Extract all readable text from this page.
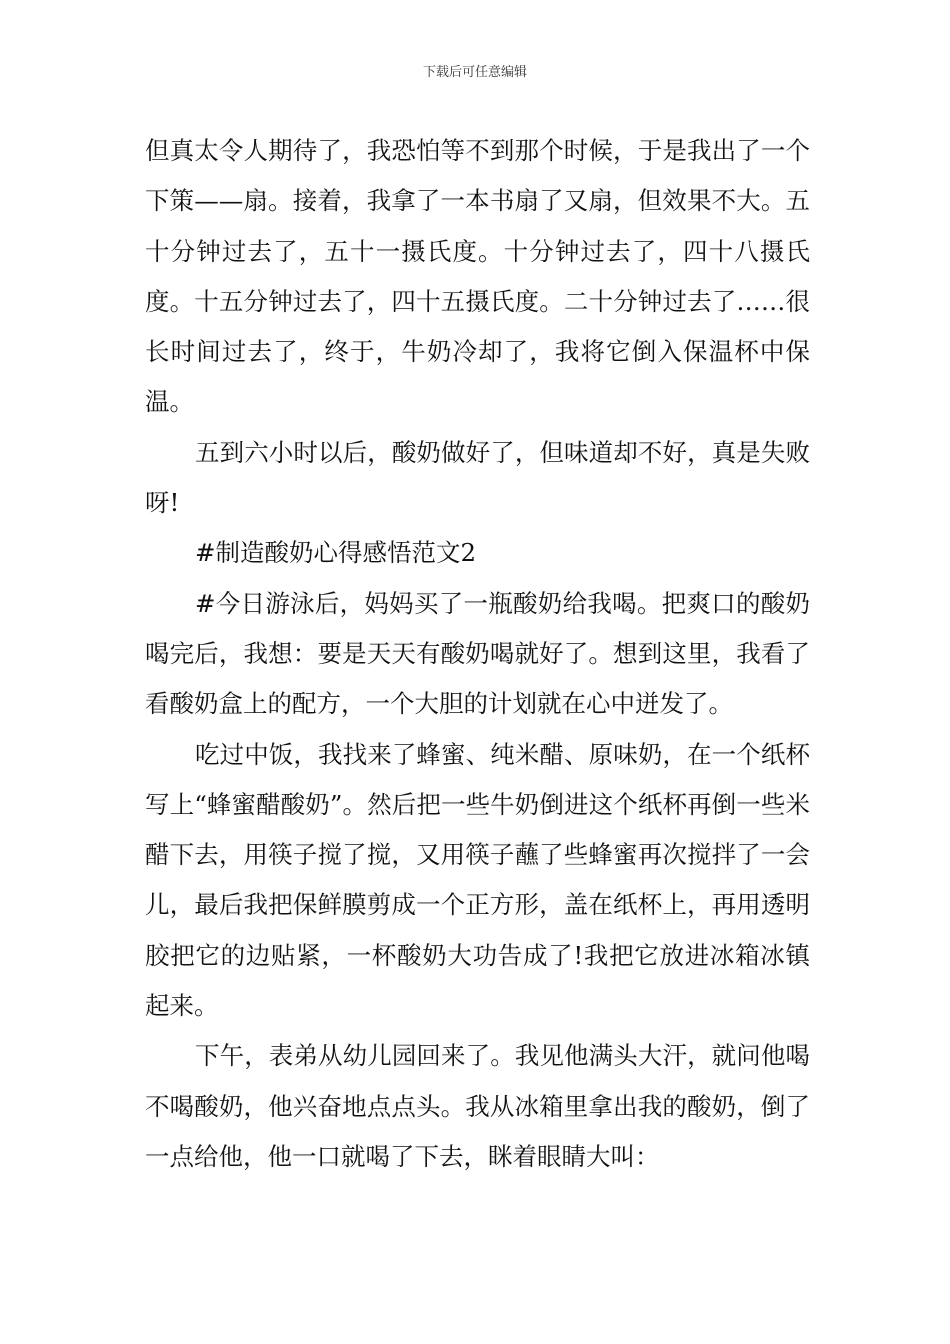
下载后可任意编辑

但真太令人期待了，我恐怕等不到那个时候，于是我出了一个下策——扇。接着，我拿了一本书扇了又扇，但效果不大。五十分钟过去了，五十一摄氏度。十分钟过去了，四十八摄氏度。十五分钟过去了，四十五摄氏度。二十分钟过去了……很长时间过去了，终于，牛奶冷却了，我将它倒入保温杯中保温。

五到六小时以后，酸奶做好了，但味道却不好，真是失败呀!

#制造酸奶心得感悟范文2

#今日游泳后，妈妈买了一瓶酸奶给我喝。把爽口的酸奶喝完后，我想：要是天天有酸奶喝就好了。想到这里，我看了看酸奶盒上的配方，一个大胆的计划就在心中迸发了。

吃过中饭，我找来了蜂蜜、纯米醋、原味奶，在一个纸杯写上“蜂蜜醋酸奶”。然后把一些牛奶倒进这个纸杯再倒一些米醋下去，用筷子搅了搅，又用筷子蘸了些蜂蜜再次搅拌了一会儿，最后我把保鲜膜剪成一个正方形，盖在纸杯上，再用透明胶把它的边贴紧，一杯酸奶大功告成了!我把它放进冰箱冰镇起来。

下午，表弟从幼儿园回来了。我见他满头大汗，就问他喝不喝酸奶，他兴奋地点点头。我从冰箱里拿出我的酸奶，倒了一点给他，他一口就喝了下去，眯着眼睛大叫：
